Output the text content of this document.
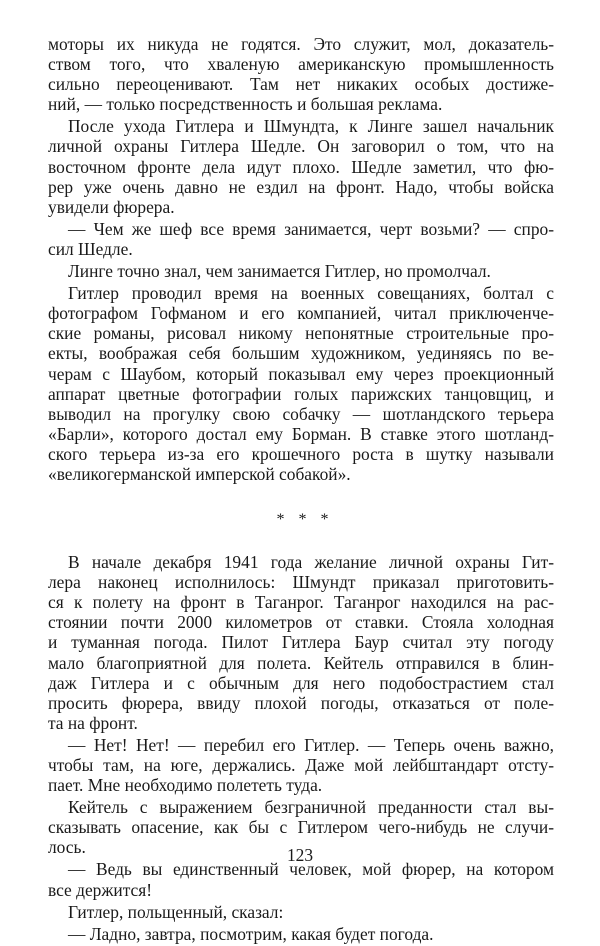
моторы их никуда не годятся. Это служит, мол, доказатель-
ством того, что хваленую американскую промышленность
сильно переоценивают. Там нет никаких особых достиже-
ний, — только посредственность и большая реклама.
После ухода Гитлера и Шмундта, к Линге зашел начальник
личной охраны Гитлера Шедле. Он заговорил о том, что на
восточном фронте дела идут плохо. Шедле заметил, что фю-
рер уже очень давно не ездил на фронт. Надо, чтобы войска
увидели фюрера.
— Чем же шеф все время занимается, черт возьми? — спро-
сил Шедле.
Линге точно знал, чем занимается Гитлер, но промолчал.
Гитлер проводил время на военных совещаниях, болтал с
фотографом Гофманом и его компанией, читал приключенче-
ские романы, рисовал никому непонятные строительные про-
екты, воображая себя большим художником, уединяясь по ве-
черам с Шаубом, который показывал ему через проекционный
аппарат цветные фотографии голых парижских танцовщиц, и
выводил на прогулку свою собачку — шотландского терьера
«Барли», которого достал ему Борман. В ставке этого шотланд-
ского терьера из-за его крошечного роста в шутку называли
«великогерманской имперской собакой».
* * *
В начале декабря 1941 года желание личной охраны Гит-
лера наконец исполнилось: Шмундт приказал приготовить-
ся к полету на фронт в Таганрог. Таганрог находился на рас-
стоянии почти 2000 километров от ставки. Стояла холодная
и туманная погода. Пилот Гитлера Баур считал эту погоду
мало благоприятной для полета. Кейтель отправился в блин-
даж Гитлера и с обычным для него подобострастием стал
просить фюрера, ввиду плохой погоды, отказаться от поле-
та на фронт.
— Нет! Нет! — перебил его Гитлер. — Теперь очень важно,
чтобы там, на юге, держались. Даже мой лейбштандарт отсту-
пает. Мне необходимо полететь туда.
Кейтель с выражением безграничной преданности стал вы-
сказывать опасение, как бы с Гитлером чего-нибудь не случи-
лось.
— Ведь вы единственный человек, мой фюрер, на котором
все держится!
Гитлер, польщенный, сказал:
— Ладно, завтра, посмотрим, какая будет погода.
123
